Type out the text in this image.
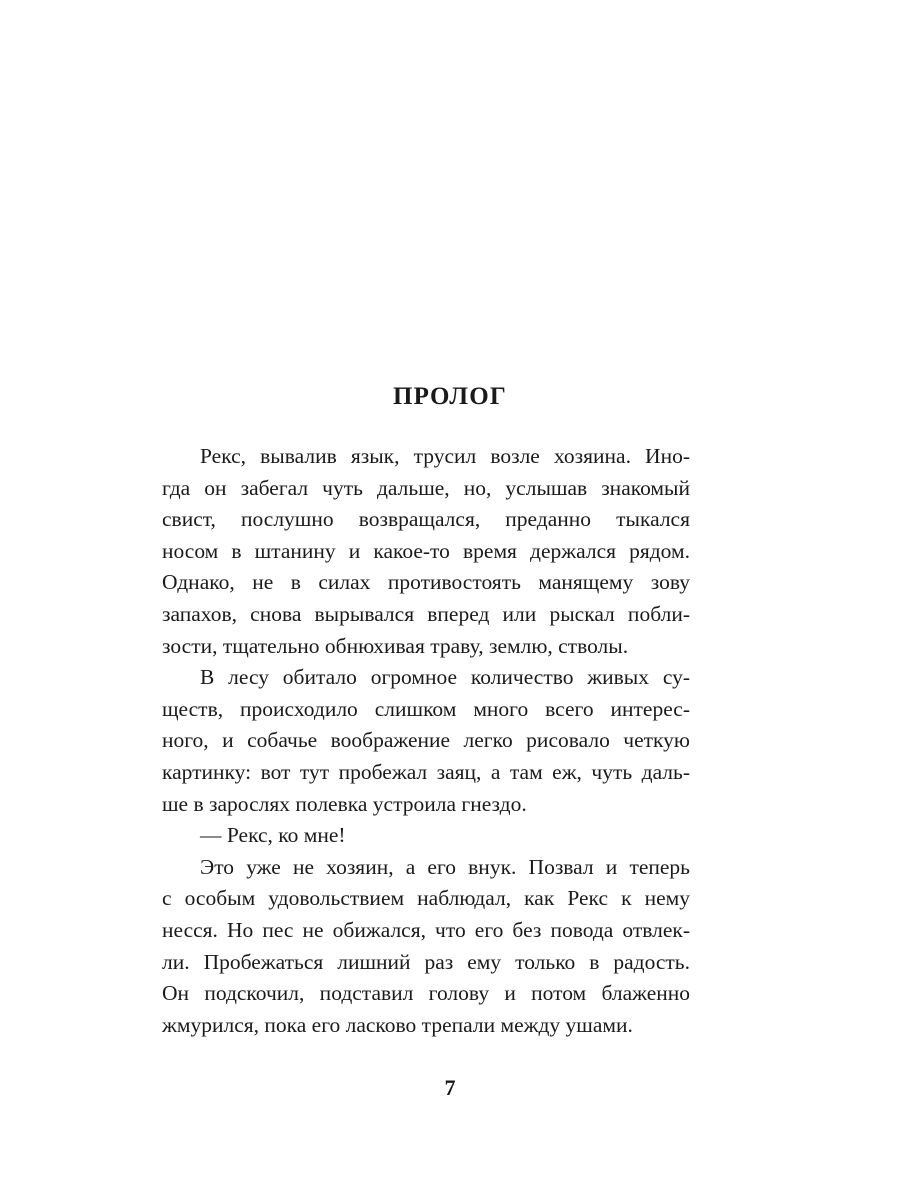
ПРОЛОГ
Рекс, вывалив язык, трусил возле хозяина. Ино-
гда он забегал чуть дальше, но, услышав знакомый
свист, послушно возвращался, преданно тыкался
носом в штанину и какое-то время держался рядом.
Однако, не в силах противостоять манящему зову
запахов, снова вырывался вперед или рыскал побли-
зости, тщательно обнюхивая траву, землю, стволы.
В лесу обитало огромное количество живых су-
ществ, происходило слишком много всего интерес-
ного, и собачье воображение легко рисовало четкую
картинку: вот тут пробежал заяц, а там еж, чуть даль-
ше в зарослях полевка устроила гнездо.
— Рекс, ко мне!
Это уже не хозяин, а его внук. Позвал и теперь
с особым удовольствием наблюдал, как Рекс к нему
несся. Но пес не обижался, что его без повода отвлек-
ли. Пробежаться лишний раз ему только в радость.
Он подскочил, подставил голову и потом блаженно
жмурился, пока его ласково трепали между ушами.
7
